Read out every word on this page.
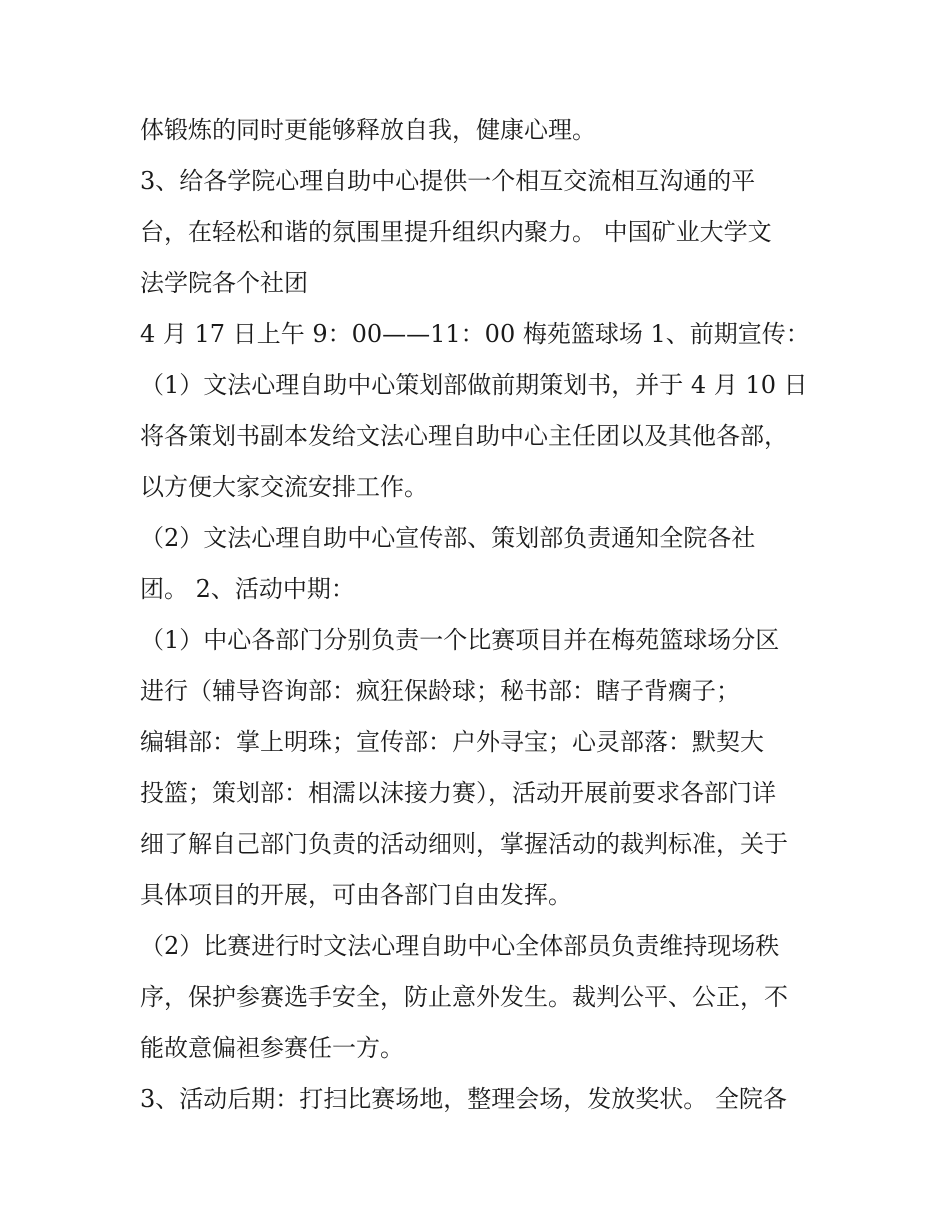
体锻炼的同时更能够释放自我，健康心理。
3、给各学院心理自助中心提供一个相互交流相互沟通的平
台，在轻松和谐的氛围里提升组织内聚力。 中国矿业大学文
法学院各个社团
4 月 17 日上午 9：00——11：00 梅苑篮球场 1、前期宣传：
（1）文法心理自助中心策划部做前期策划书，并于 4 月 10 日
将各策划书副本发给文法心理自助中心主任团以及其他各部，
以方便大家交流安排工作。
（2）文法心理自助中心宣传部、策划部负责通知全院各社
团。 2、活动中期：
（1）中心各部门分别负责一个比赛项目并在梅苑篮球场分区
进行（辅导咨询部：疯狂保龄球；秘书部：瞎子背瘸子；
编辑部：掌上明珠；宣传部：户外寻宝；心灵部落：默契大
投篮；策划部：相濡以沫接力赛），活动开展前要求各部门详
细了解自己部门负责的活动细则，掌握活动的裁判标准，关于
具体项目的开展，可由各部门自由发挥。
（2）比赛进行时文法心理自助中心全体部员负责维持现场秩
序，保护参赛选手安全，防止意外发生。裁判公平、公正，不
能故意偏袒参赛任一方。
3、活动后期：打扫比赛场地，整理会场，发放奖状。 全院各
